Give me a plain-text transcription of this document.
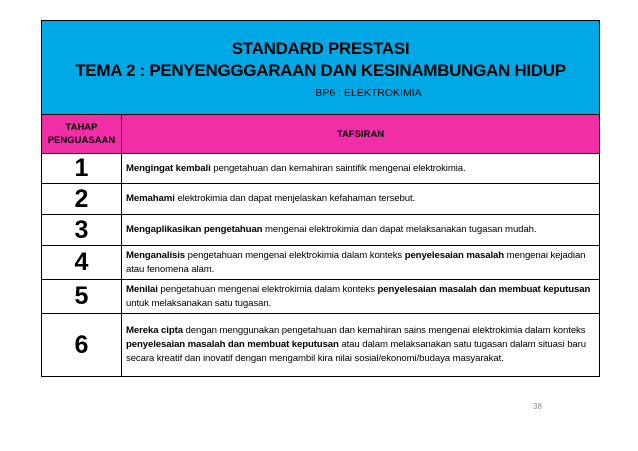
STANDARD PRESTASI
TEMA 2 : PENYENGGGARAAN DAN KESINAMBUNGAN HIDUP
BP6 : ELEKTROKIMIA	

TAHAP
PENGUASAAN	TAFSIRAN
1	Mengingat kembali pengetahuan dan kemahiran saintifik mengenai elektrokimia.
2	Memahami elektrokimia dan dapat menjelaskan kefahaman tersebut.
3	Mengaplikasikan pengetahuan mengenai elektrokimia dan dapat melaksanakan tugasan mudah.
4	Menganalisis pengetahuan mengenai elektrokimia dalam konteks penyelesaian masalah mengenai kejadian atau fenomena alam.
5	Menilai pengetahuan mengenai elektrokimia dalam konteks penyelesaian masalah dan membuat keputusan untuk melaksanakan satu tugasan.
6	Mereka cipta dengan menggunakan pengetahuan dan kemahiran sains mengenai elektrokimia dalam konteks penyelesaian masalah dan membuat keputusan atau dalam melaksanakan satu tugasan dalam situasi baru secara kreatif dan inovatif dengan mengambil kira nilai sosial/ekonomi/budaya masyarakat.
38
